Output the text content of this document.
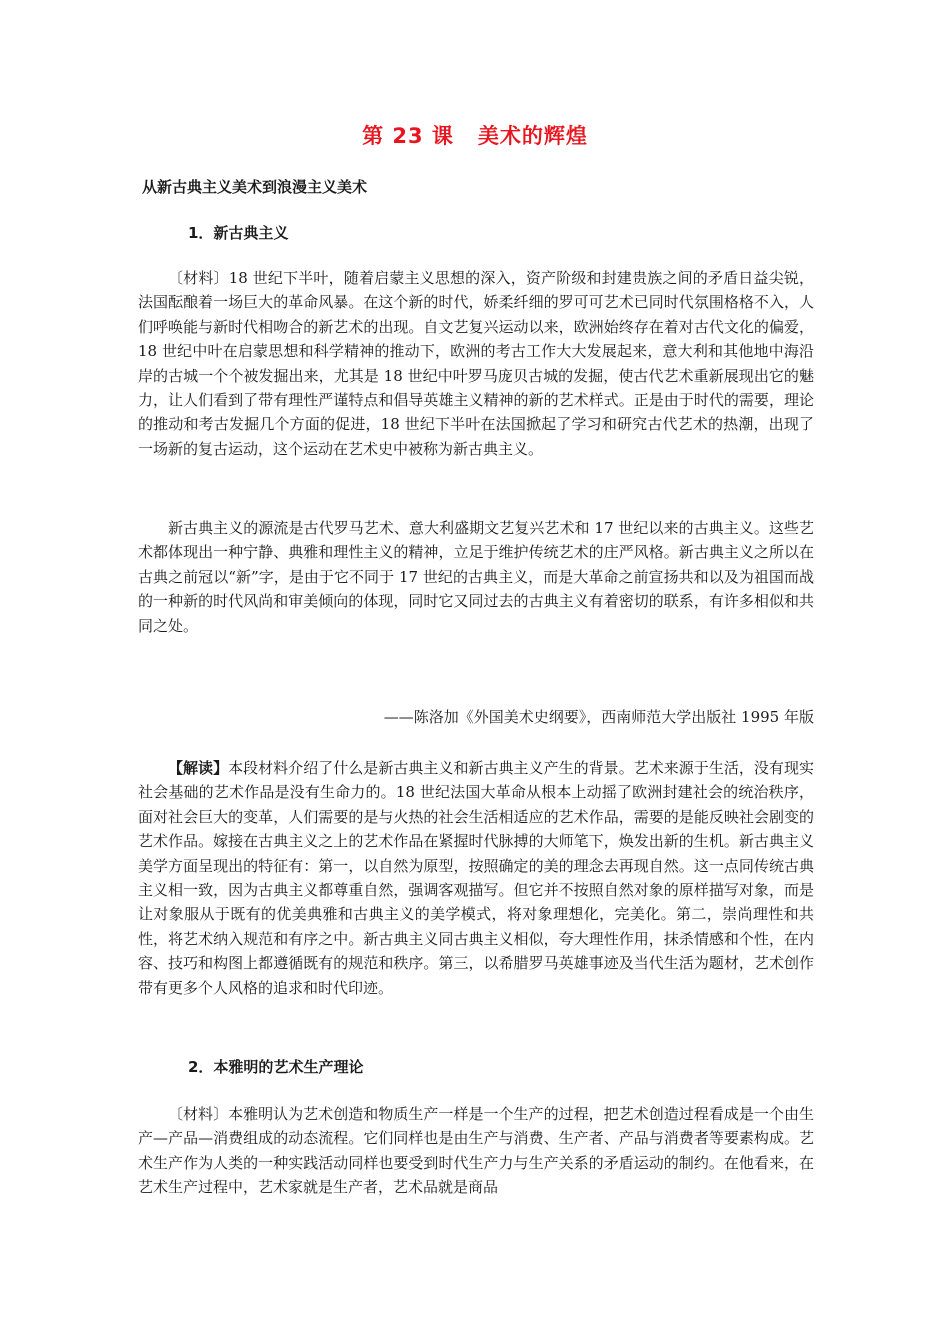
第 23 课 美术的辉煌
从新古典主义美术到浪漫主义美术
1．新古典主义

〔材料〕18 世纪下半叶，随着启蒙主义思想的深入，资产阶级和封建贵族之间的矛盾日益尖锐，法国酝酿着一场巨大的革命风暴。在这个新的时代，娇柔纤细的罗可可艺术已同时代氛围格格不入，人们呼唤能与新时代相吻合的新艺术的出现。自文艺复兴运动以来，欧洲始终存在着对古代文化的偏爱，18 世纪中叶在启蒙思想和科学精神的推动下，欧洲的考古工作大大发展起来，意大利和其他地中海沿岸的古城一个个被发掘出来，尤其是 18 世纪中叶罗马庞贝古城的发掘，使古代艺术重新展现出它的魅力，让人们看到了带有理性严谨特点和倡导英雄主义精神的新的艺术样式。正是由于时代的需要，理论的推动和考古发掘几个方面的促进，18 世纪下半叶在法国掀起了学习和研究古代艺术的热潮，出现了一场新的复古运动，这个运动在艺术史中被称为新古典主义。

新古典主义的源流是古代罗马艺术、意大利盛期文艺复兴艺术和 17 世纪以来的古典主义。这些艺术都体现出一种宁静、典雅和理性主义的精神，立足于维护传统艺术的庄严风格。新古典主义之所以在古典之前冠以“新”字，是由于它不同于 17 世纪的古典主义，而是大革命之前宣扬共和以及为祖国而战的一种新的时代风尚和审美倾向的体现，同时它又同过去的古典主义有着密切的联系，有许多相似和共同之处。

——陈洛加《外国美术史纲要》，西南师范大学出版社 1995 年版

【解读】本段材料介绍了什么是新古典主义和新古典主义产生的背景。艺术来源于生活，没有现实社会基础的艺术作品是没有生命力的。18 世纪法国大革命从根本上动摇了欧洲封建社会的统治秩序，面对社会巨大的变革，人们需要的是与火热的社会生活相适应的艺术作品，需要的是能反映社会剧变的艺术作品。嫁接在古典主义之上的艺术作品在紧握时代脉搏的大师笔下，焕发出新的生机。新古典主义美学方面呈现出的特征有：第一，以自然为原型，按照确定的美的理念去再现自然。这一点同传统古典主义相一致，因为古典主义都尊重自然，强调客观描写。但它并不按照自然对象的原样描写对象，而是让对象服从于既有的优美典雅和古典主义的美学模式，将对象理想化，完美化。第二，崇尚理性和共性，将艺术纳入规范和有序之中。新古典主义同古典主义相似，夸大理性作用，抹杀情感和个性，在内容、技巧和构图上都遵循既有的规范和秩序。第三，以希腊罗马英雄事迹及当代生活为题材，艺术创作带有更多个人风格的追求和时代印迹。

2．本雅明的艺术生产理论

〔材料〕本雅明认为艺术创造和物质生产一样是一个生产的过程，把艺术创造过程看成是一个由生产—产品—消费组成的动态流程。它们同样也是由生产与消费、生产者、产品与消费者等要素构成。艺术生产作为人类的一种实践活动同样也要受到时代生产力与生产关系的矛盾运动的制约。在他看来，在艺术生产过程中，艺术家就是生产者，艺术品就是商品
